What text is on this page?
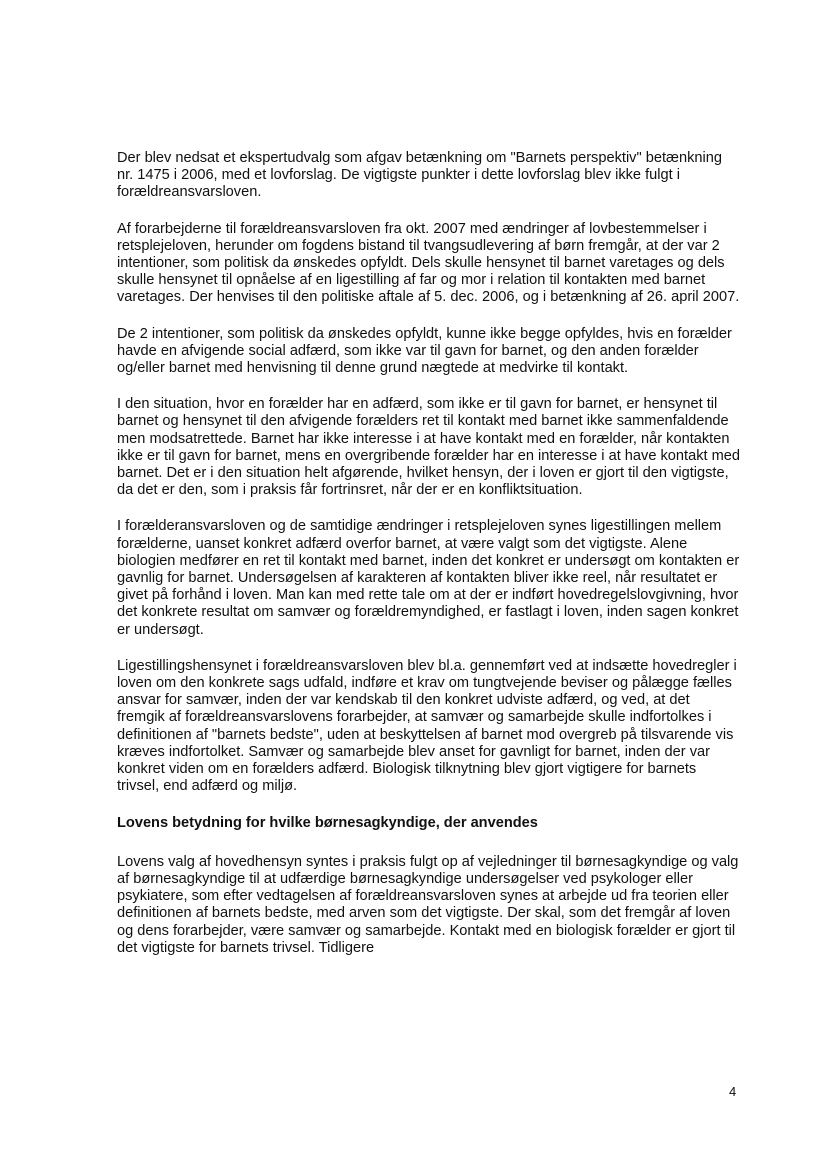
Der blev nedsat et ekspertudvalg som afgav betænkning om "Barnets perspektiv" betænkning nr. 1475 i 2006, med et lovforslag. De vigtigste punkter i dette lovforslag blev ikke fulgt i forældreansvarsloven.

Af forarbejderne til forældreansvarsloven fra okt. 2007 med ændringer af lovbestemmelser i retsplejeloven, herunder om fogdens bistand til tvangsudlevering af børn fremgår, at der var 2 intentioner, som politisk da ønskedes opfyldt. Dels skulle hensynet til barnet varetages og dels skulle hensynet til opnåelse af en ligestilling af far og mor i relation til kontakten med barnet varetages. Der henvises til den politiske aftale af 5. dec. 2006, og i betænkning af 26. april 2007.

De 2 intentioner, som politisk da ønskedes opfyldt, kunne ikke begge opfyldes, hvis en forælder havde en afvigende social adfærd, som ikke var til gavn for barnet, og den anden forælder og/eller barnet med henvisning til denne grund nægtede at medvirke til kontakt.

I den situation, hvor en forælder har en adfærd, som ikke er til gavn for barnet, er hensynet til barnet og hensynet til den afvigende forælders ret til kontakt med barnet ikke sammenfaldende men modsatrettede. Barnet har ikke interesse i at have kontakt med en forælder, når kontakten ikke er til gavn for barnet, mens en overgribende forælder har en interesse i at have kontakt med barnet. Det er i den situation helt afgørende, hvilket hensyn, der i loven er gjort til den vigtigste, da det er den, som i praksis får fortrinsret, når der er en konfliktsituation.

I forælderansvarsloven og de samtidige ændringer i retsplejeloven synes ligestillingen mellem forælderne, uanset konkret adfærd overfor barnet, at være valgt som det vigtigste. Alene biologien medfører en ret til kontakt med barnet, inden det konkret er undersøgt om kontakten er gavnlig for barnet. Undersøgelsen af karakteren af kontakten bliver ikke reel, når resultatet er givet på forhånd i loven. Man kan med rette tale om at der er indført hovedregelslovgivning, hvor det konkrete resultat om samvær og forældremyndighed, er fastlagt i loven, inden sagen konkret er undersøgt.

Ligestillingshensynet i forældreansvarsloven blev bl.a. gennemført ved at indsætte hovedregler i loven om den konkrete sags udfald, indføre et krav om tungtvejende beviser og pålægge fælles ansvar for samvær, inden der var kendskab til den konkret udviste adfærd, og ved, at det fremgik af forældreansvarslovens forarbejder, at samvær og samarbejde skulle indfortolkes i definitionen af "barnets bedste", uden at beskyttelsen af barnet mod overgreb på tilsvarende vis kræves indfortolket. Samvær og samarbejde blev anset for gavnligt for barnet, inden der var konkret viden om en forælders adfærd. Biologisk tilknytning blev gjort vigtigere for barnets trivsel, end adfærd og miljø.

Lovens betydning for hvilke børnesagkyndige, der anvendes

Lovens valg af hovedhensyn syntes i praksis fulgt op af vejledninger til børnesagkyndige og valg af børnesagkyndige til at udfærdige børnesagkyndige undersøgelser ved psykologer eller psykiatere, som efter vedtagelsen af forældreansvarsloven synes at arbejde ud fra teorien eller definitionen af barnets bedste, med arven som det vigtigste. Der skal, som det fremgår af loven og dens forarbejder, være samvær og samarbejde. Kontakt med en biologisk forælder er gjort til det vigtigste for barnets trivsel. Tidligere

4
